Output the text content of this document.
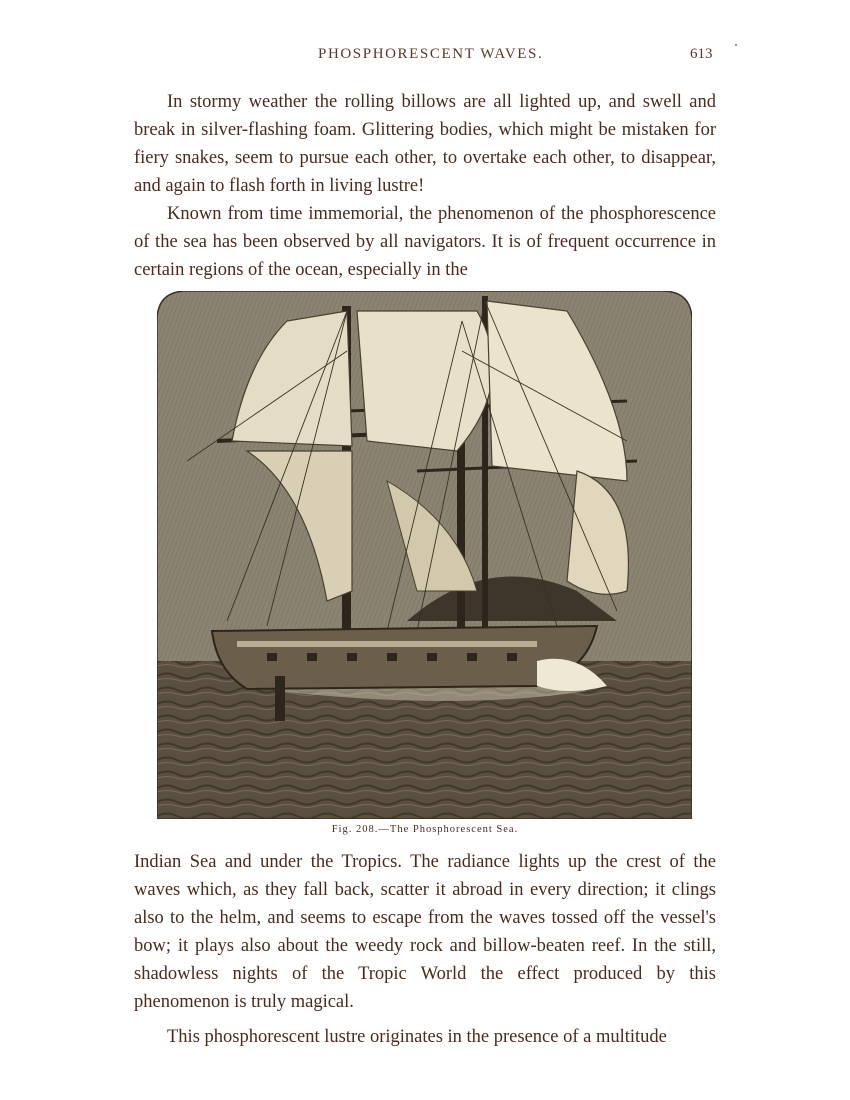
PHOSPHORESCENT WAVES.	613

In stormy weather the rolling billows are all lighted up, and swell and break in silver-flashing foam. Glittering bodies, which might be mistaken for fiery snakes, seem to pursue each other, to overtake each other, to disappear, and again to flash forth in living lustre!

Known from time immemorial, the phenomenon of the phosphorescence of the sea has been observed by all navigators. It is of frequent occurrence in certain regions of the ocean, especially in the

Fig. 208.—The Phosphorescent Sea.

Indian Sea and under the Tropics. The radiance lights up the crest of the waves which, as they fall back, scatter it abroad in every direction; it clings also to the helm, and seems to escape from the waves tossed off the vessel's bow; it plays also about the weedy rock and billow-beaten reef. In the still, shadowless nights of the Tropic World the effect produced by this phenomenon is truly magical.

This phosphorescent lustre originates in the presence of a multitude
